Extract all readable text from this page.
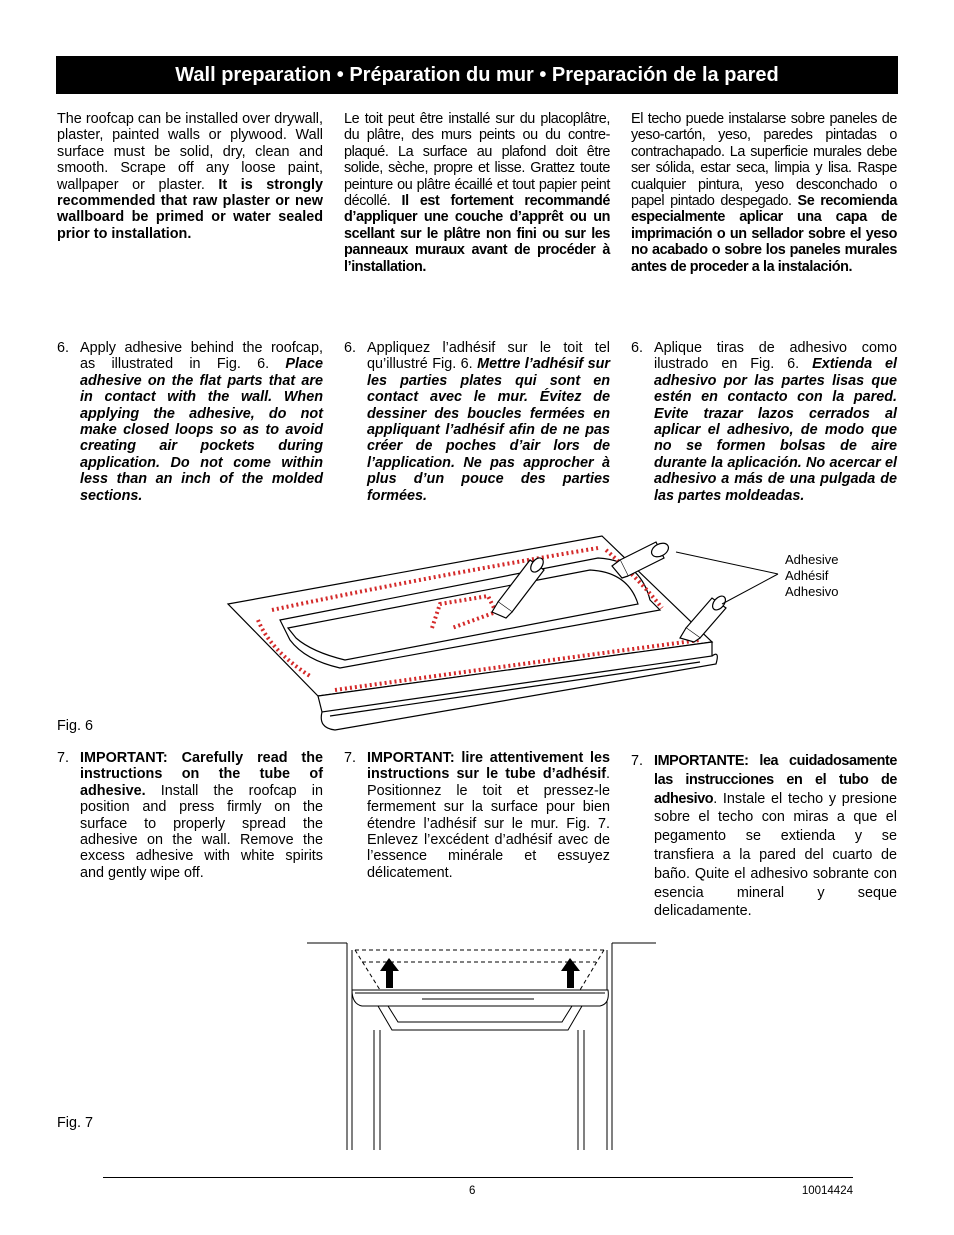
Wall preparation • Préparation du mur • Preparación de la pared
The roofcap can be installed over drywall, plaster, painted walls or plywood. Wall surface must be solid, dry, clean and smooth. Scrape off any loose paint, wallpaper or plaster. It is strongly recommended that raw plaster or new wallboard be primed or water sealed prior to installation.
Le toit peut être installé sur du placoplâtre, du plâtre, des murs peints ou du contre-plaqué. La surface au plafond doit être solide, sèche, propre et lisse. Grattez toute peinture ou plâtre écaillé et tout papier peint décollé. Il est fortement recommandé d’appliquer une couche d’apprêt ou un scellant sur le plâtre non fini ou sur les panneaux muraux avant de procéder à l’installation.
El techo puede instalarse sobre paneles de yeso-cartón, yeso, paredes pintadas o contrachapado. La superficie murales debe ser sólida, estar seca, limpia y lisa. Raspe cualquier pintura, yeso desconchado o papel pintado despegado. Se recomienda especialmente aplicar una capa de imprimación o un sellador sobre el yeso no acabado o sobre los paneles murales antes de proceder a la instalación.
6. Apply adhesive behind the roofcap, as illustrated in Fig. 6. Place adhesive on the flat parts that are in contact with the wall. When applying the adhesive, do not make closed loops so as to avoid creating air pockets during application. Do not come within less than an inch of the molded sections.
6. Appliquez l’adhésif sur le toit tel qu’illustré Fig. 6. Mettre l’adhésif sur les parties plates qui sont en contact avec le mur. Évitez de dessiner des boucles fermées en appliquant l’adhésif afin de ne pas créer de poches d’air lors de l’application. Ne pas approcher à plus d’un pouce des parties formées.
6. Aplique tiras de adhesivo como ilustrado en Fig. 6. Extienda el adhesivo por las partes lisas que estén en contacto con la pared. Evite trazar lazos cerrados al aplicar el adhesivo, de modo que no se formen bolsas de aire durante la aplicación. No acercar el adhesivo a más de una pulgada de las partes moldeadas.
Adhesive
Adhésif
Adhesivo
Fig. 6
7. IMPORTANT: Carefully read the instructions on the tube of adhesive. Install the roofcap in position and press firmly on the surface to properly spread the adhesive on the wall. Remove the excess adhesive with white spirits and gently wipe off.
7. IMPORTANT: lire attentivement les instructions sur le tube d’adhésif. Positionnez le toit et pressez-le fermement sur la surface pour bien étendre l’adhésif sur le mur. Fig. 7. Enlevez l’excédent d’adhésif avec de l’essence minérale et essuyez délicatement.
7. IMPORTANTE: lea cuidadosamente las instrucciones en el tubo de adhesivo. Instale el techo y presione sobre el techo con miras a que el pegamento se extienda y se transfiera a la pared del cuarto de baño. Quite el adhesivo sobrante con esencia mineral y seque delicadamente.
Fig. 7
6	10014424
